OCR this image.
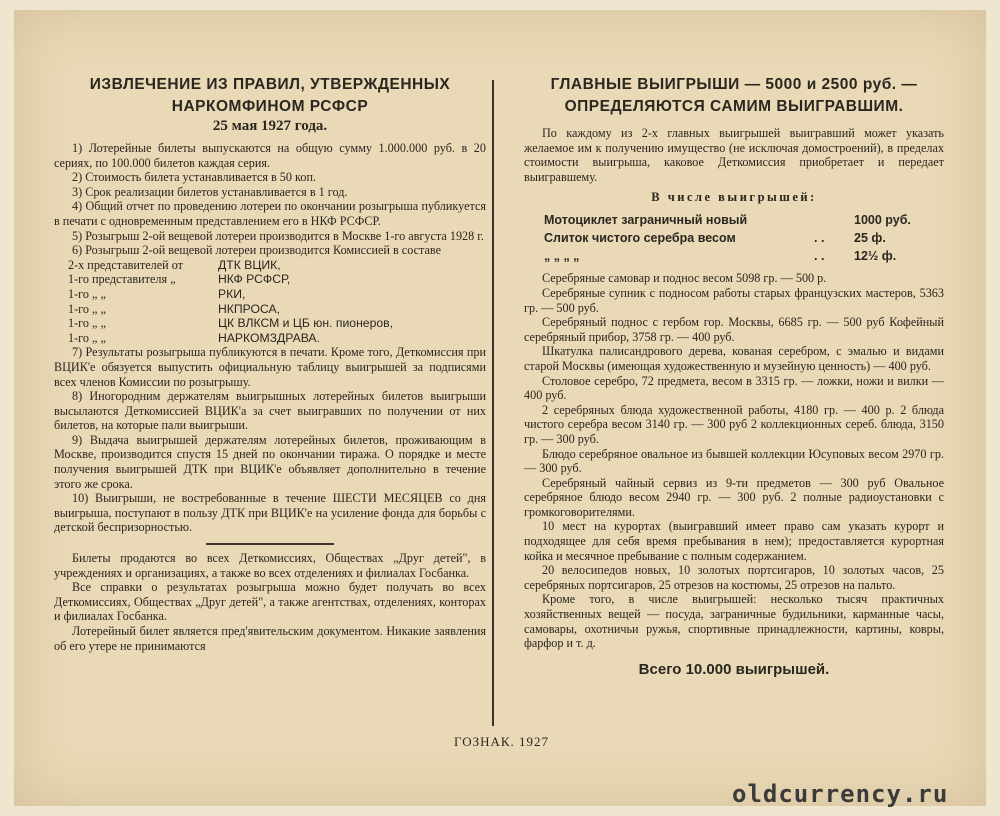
ИЗВЛЕЧЕНИЕ ИЗ ПРАВИЛ, УТВЕРЖДЕННЫХ
НАРКОМФИНОМ РСФСР
25 мая 1927 года.

1) Лотерейные билеты выпускаются на общую сумму 1.000.000 руб. в 20 сериях, по 100.000 билетов каждая серия.

2) Стоимость билета устанавливается в 50 коп.

3) Срок реализации билетов устанавливается в 1 год.

4) Общий отчет по проведению лотереи по окончании розыгрыша публикуется в печати с одновременным представлением его в НКФ РСФСР.

5) Розыгрыш 2-ой вещевой лотереи производится в Москве 1-го августа 1928 г.

6) Розыгрыш 2-ой вещевой лотереи производится Комиссией в составе

2-х представителей от	ДТК ВЦИК,
1-го представителя „	НКФ РСФСР,
1-го „ „	РКИ,
1-го „ „	НКПРОСА,
1-го „ „	ЦК ВЛКСМ и ЦБ юн. пионеров,
1-го „ „	НАРКОМЗДРАВА.

7) Результаты розыгрыша публикуются в печати. Кроме того, Деткомиссия при ВЦИК'е обязуется выпустить официальную таблицу выигрышей за подписями всех членов Комиссии по розыгрышу.

8) Иногородним держателям выигрышных лотерейных билетов выигрыши высылаются Деткомиссией ВЦИК'а за счет выигравших по получении от них билетов, на которые пали выигрыши.

9) Выдача выигрышей держателям лотерейных билетов, проживающим в Москве, производится спустя 15 дней по окончании тиража. О порядке и месте получения выигрышей ДТК при ВЦИК'е объявляет дополнительно в течение этого же срока.

10) Выигрыши, не востребованные в течение ШЕСТИ МЕСЯЦЕВ со дня выигрыша, поступают в пользу ДТК при ВЦИК'е на усиление фонда для борьбы с детской беспризорностью.

Билеты продаются во всех Деткомиссиях, Обществах „Друг детей", в учреждениях и организациях, а также во всех отделениях и филиалах Госбанка.

Все справки о результатах розыгрыша можно будет получать во всех Деткомиссиях, Обществах „Друг детей", а также агентствах, отделениях, конторах и филиалах Госбанка.

Лотерейный билет является пред'явительским документом. Никакие заявления об его утере не принимаются

ГЛАВНЫЕ ВЫИГРЫШИ — 5000 и 2500 руб. —
ОПРЕДЕЛЯЮТСЯ САМИМ ВЫИГРАВШИМ.

По каждому из 2-х главных выигрышей выигравший может указать желаемое им к получению имущество (не исключая домостроений), в пределах стоимости выигрыша, каковое Деткомиссия приобретает и передает выигравшему.

В числе выигрышей:
Мотоциклет заграничный новый	1000 руб.
Слиток чистого серебра весом	. .	25 ф.
„ „ „ „	. .	12½ ф.

Серебряные самовар и поднос весом 5098 гр. — 500 р.

Серебряные супник с подносом работы старых французских мастеров, 5363 гр. — 500 руб.

Серебряный поднос с гербом гор. Москвы, 6685 гр. — 500 руб Кофейный серебряный прибор, 3758 гр. — 400 руб.

Шкатулка палисандрового дерева, кованая серебром, с эмалью и видами старой Москвы (имеющая художественную и музейную ценность) — 400 руб.

Столовое серебро, 72 предмета, весом в 3315 гр. — ложки, ножи и вилки — 400 руб.

2 серебряных блюда художественной работы, 4180 гр. — 400 р. 2 блюда чистого серебра весом 3140 гр. — 300 руб 2 коллекционных сереб. блюда, 3150 гр. — 300 руб.

Блюдо серебряное овальное из бывшей коллекции Юсуповых весом 2970 гр. — 300 руб.

Серебряный чайный сервиз из 9-ти предметов — 300 руб Овальное серебряное блюдо весом 2940 гр. — 300 руб. 2 полные радиоустановки с громкоговорителями.

10 мест на курортах (выигравший имеет право сам указать курорт и подходящее для себя время пребывания в нем); предоставляется курортная койка и месячное пребывание с полным содержанием.

20 велосипедов новых, 10 золотых портсигаров, 10 золотых часов, 25 серебряных портсигаров, 25 отрезов на костюмы, 25 отрезов на пальто.

Кроме того, в числе выигрышей: несколько тысяч практичных хозяйственных вещей — посуда, заграничные будильники, карманные часы, самовары, охотничьи ружья, спортивные принадлежности, картины, ковры, фарфор и т. д.

Всего 10.000 выигрышей.
ГОЗНАК. 1927
oldcurrency.ru
